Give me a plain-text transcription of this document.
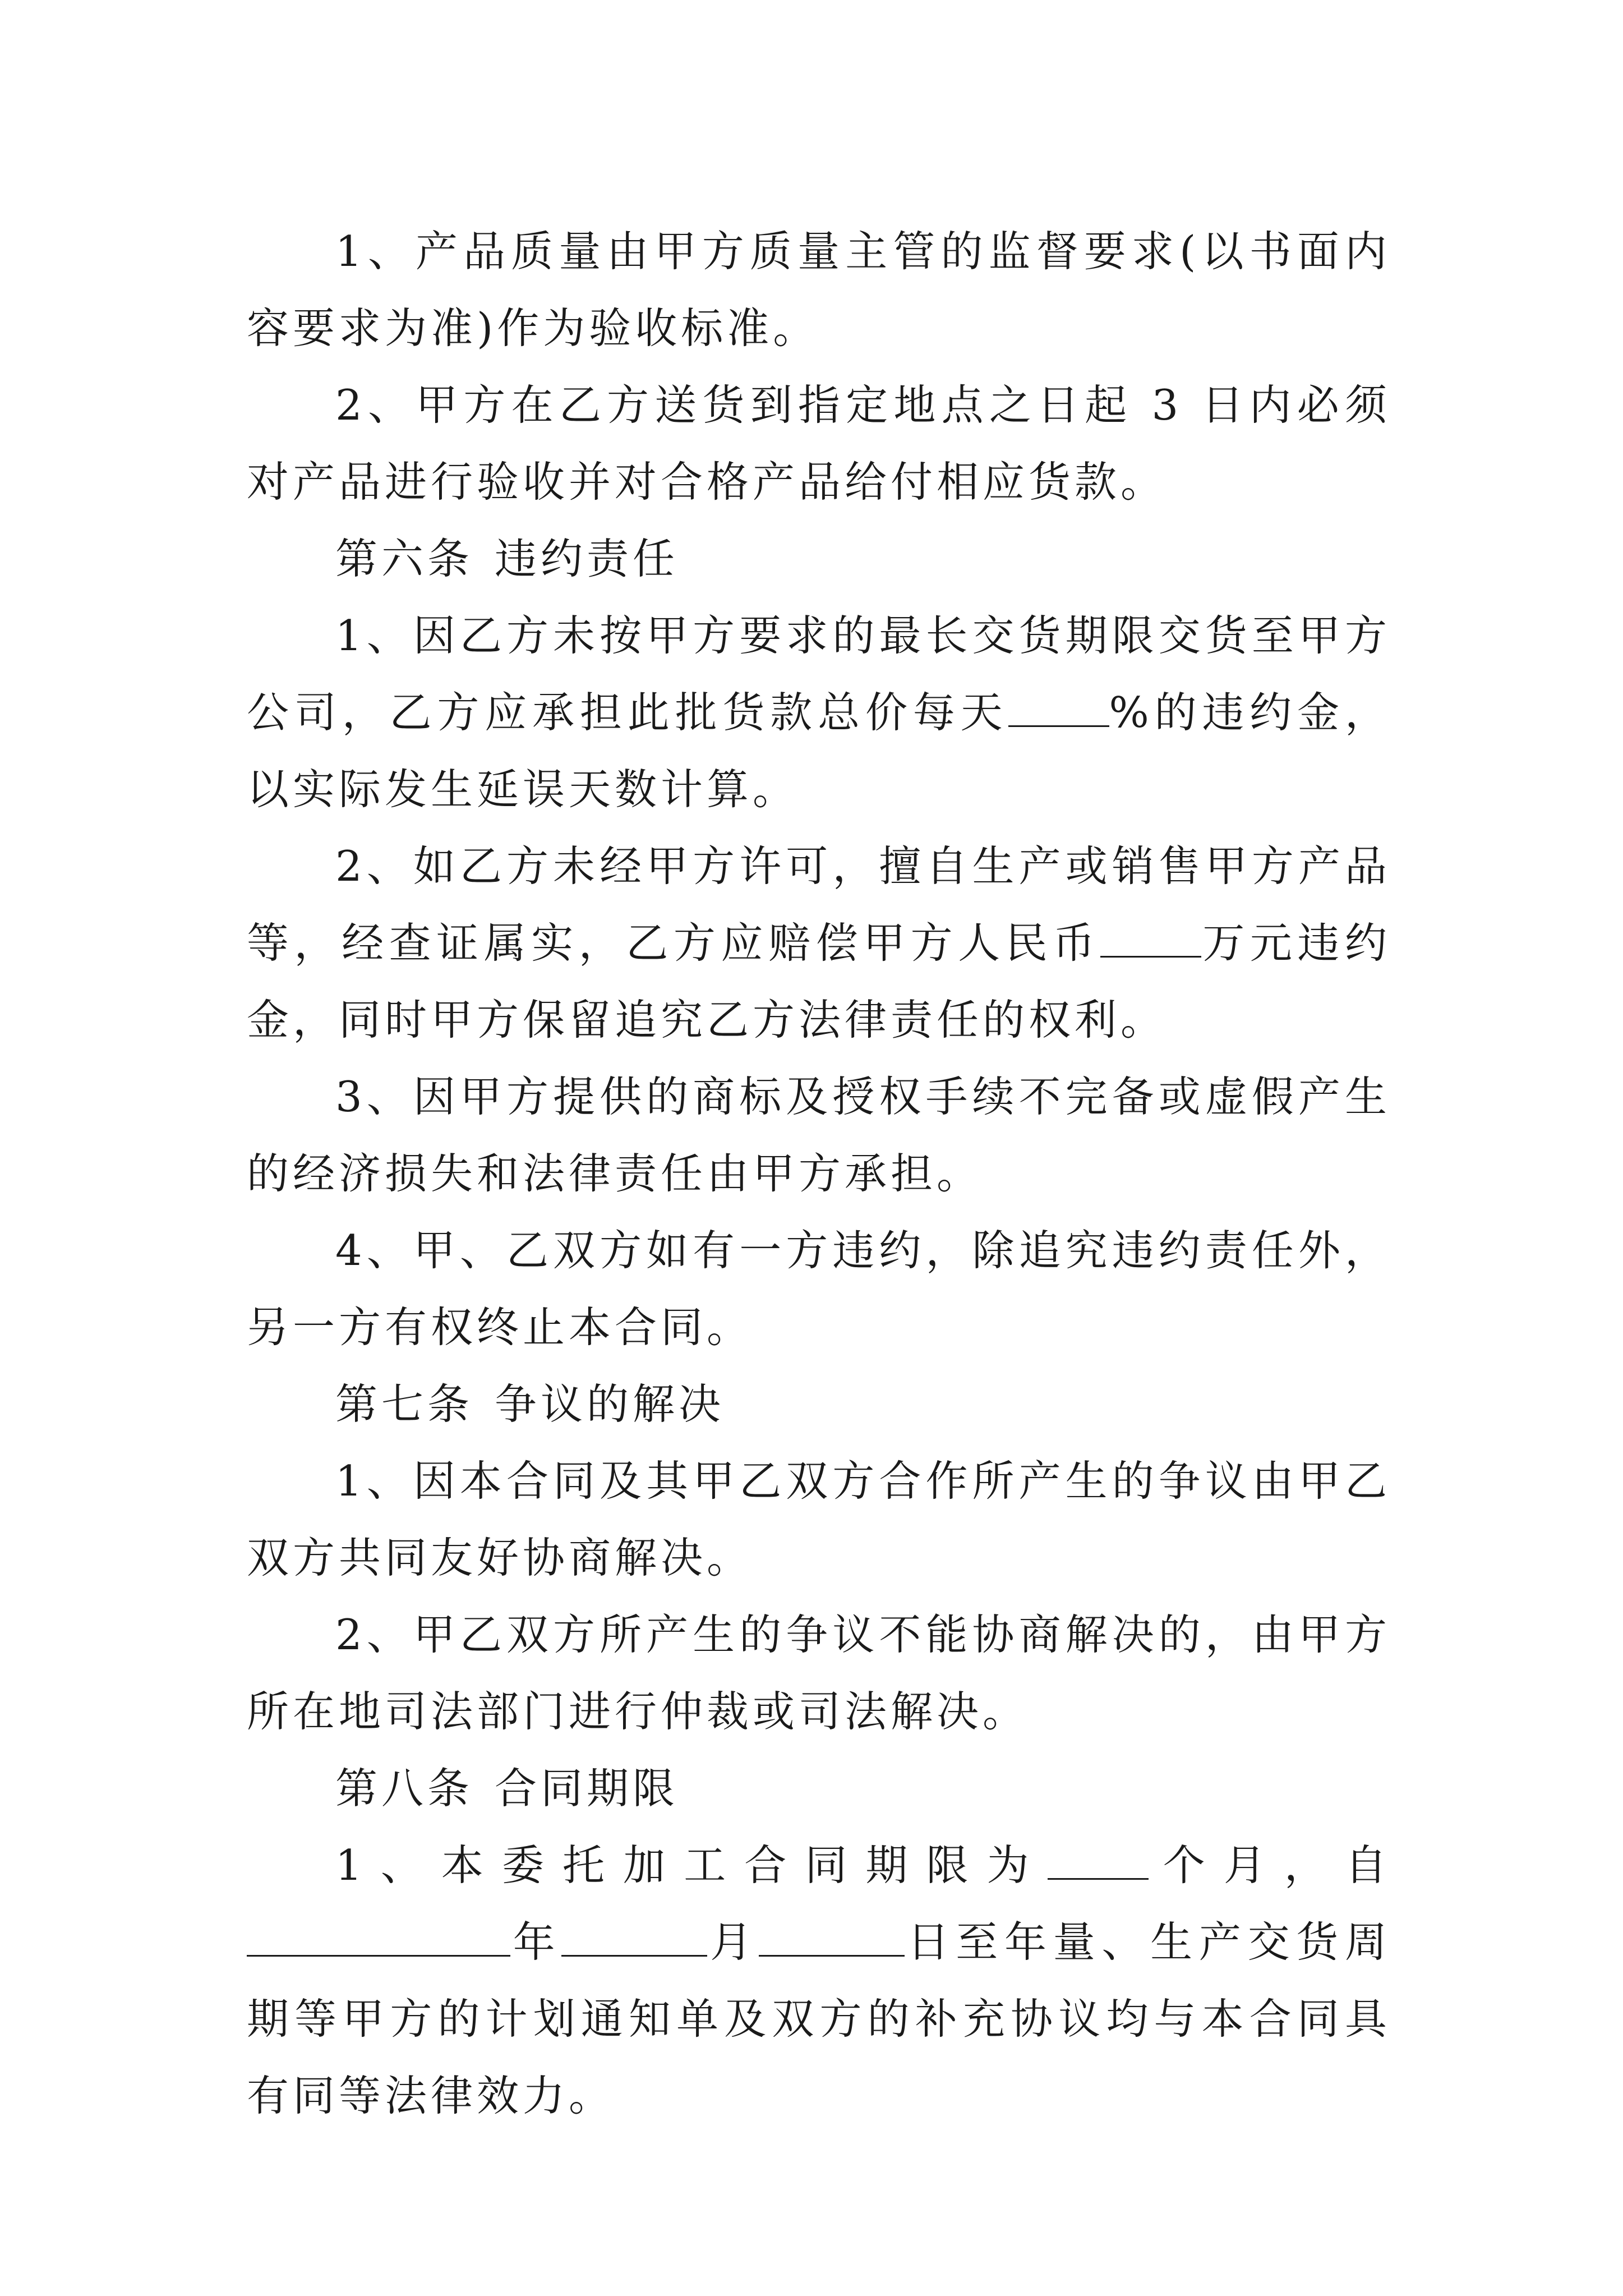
1、产品质量由甲方质量主管的监督要求(以书面内容要求为准)作为验收标准。

2、甲方在乙方送货到指定地点之日起 3 日内必须对产品进行验收并对合格产品给付相应货款。

第六条 违约责任

1、因乙方未按甲方要求的最长交货期限交货至甲方公司，乙方应承担此批货款总价每天 %的违约金，以实际发生延误天数计算。

2、如乙方未经甲方许可，擅自生产或销售甲方产品等，经查证属实，乙方应赔偿甲方人民币 万元违约金，同时甲方保留追究乙方法律责任的权利。

3、因甲方提供的商标及授权手续不完备或虚假产生的经济损失和法律责任由甲方承担。

4、甲、乙双方如有一方违约，除追究违约责任外，另一方有权终止本合同。

第七条 争议的解决

1、因本合同及其甲乙双方合作所产生的争议由甲乙双方共同友好协商解决。

2、甲乙双方所产生的争议不能协商解决的，由甲方所在地司法部门进行仲裁或司法解决。

第八条 合同期限

1、本委托加工合同期限为 个月，自年	月	日至年量、生产交货周期等甲方的计划通知单及双方的补充协议均与本合同具有同等法律效力。
